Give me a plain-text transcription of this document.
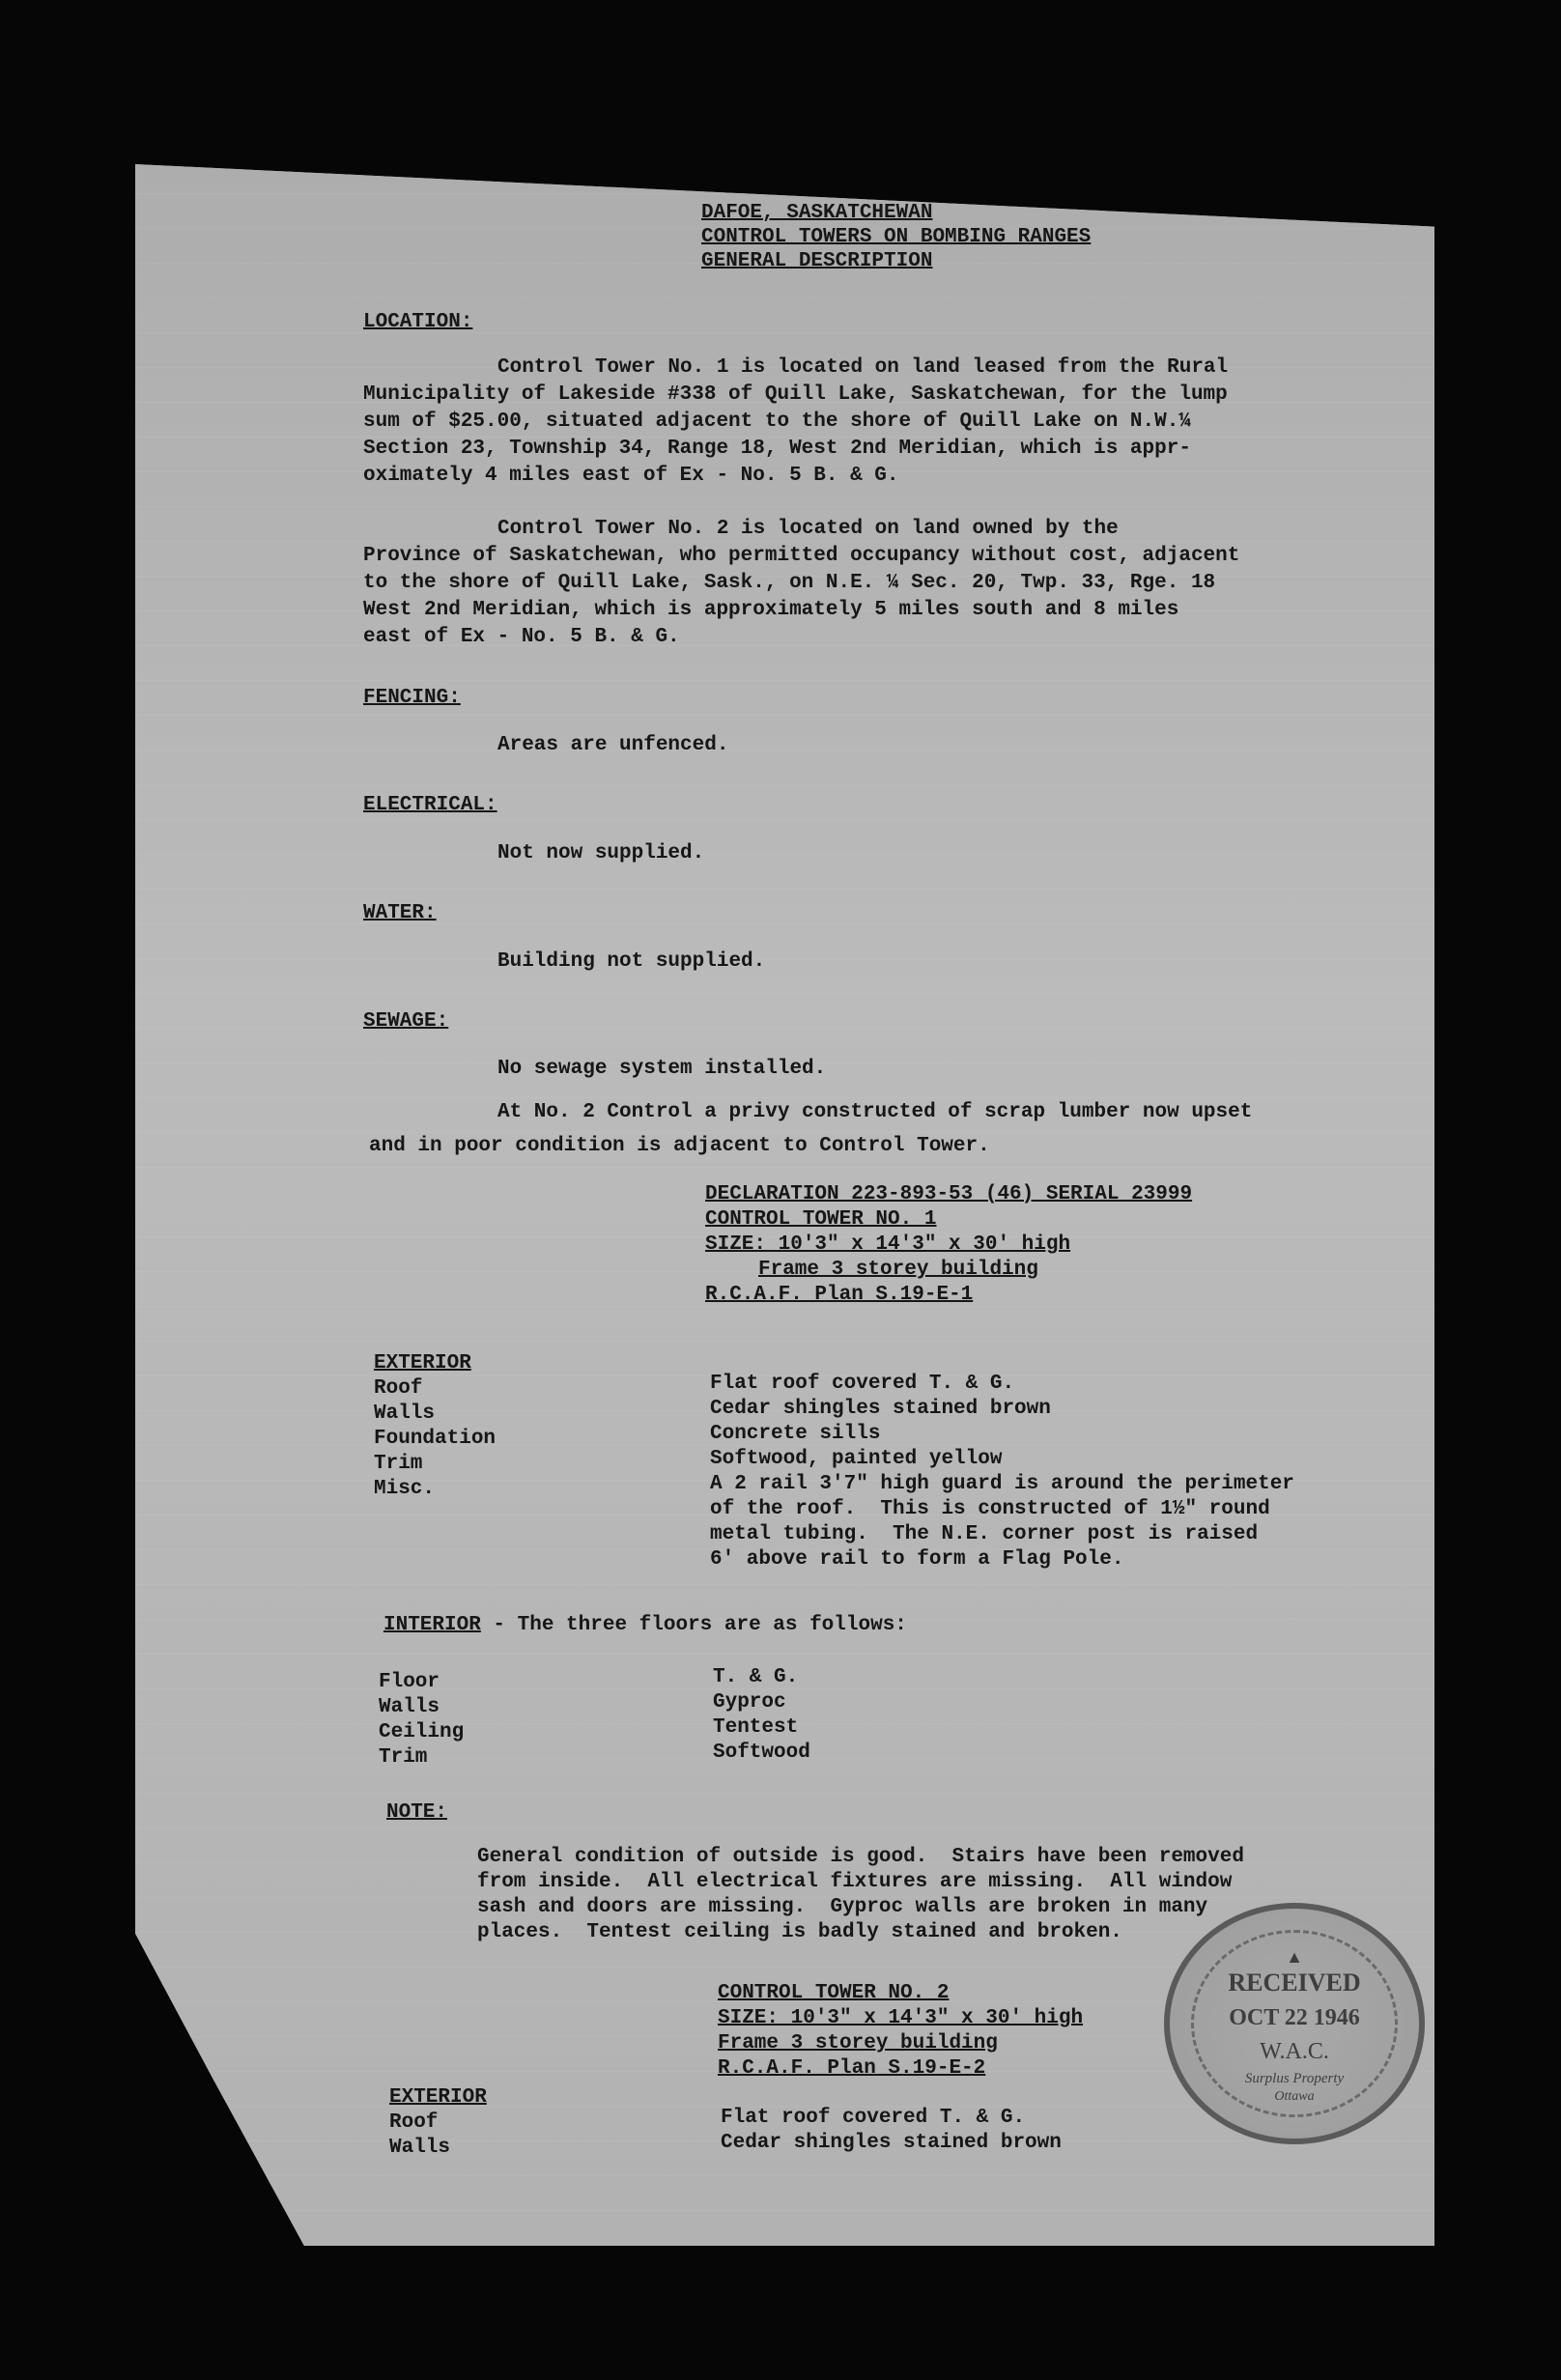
DAFOE, SASKATCHEWAN
CONTROL TOWERS ON BOMBING RANGES
GENERAL DESCRIPTION
LOCATION:
Control Tower No. 1 is located on land leased from the Rural
Municipality of Lakeside #338 of Quill Lake, Saskatchewan, for the lump
sum of $25.00, situated adjacent to the shore of Quill Lake on N.W.¼
Section 23, Township 34, Range 18, West 2nd Meridian, which is appr-
oximately 4 miles east of Ex - No. 5 B. & G.
Control Tower No. 2 is located on land owned by the
Province of Saskatchewan, who permitted occupancy without cost, adjacent
to the shore of Quill Lake, Sask., on N.E. ¼ Sec. 20, Twp. 33, Rge. 18
West 2nd Meridian, which is approximately 5 miles south and 8 miles
east of Ex - No. 5 B. & G.
FENCING:
Areas are unfenced.
ELECTRICAL:
Not now supplied.
WATER:
Building not supplied.
SEWAGE:
No sewage system installed.
At No. 2 Control a privy constructed of scrap lumber now upset
and in poor condition is adjacent to Control Tower.
DECLARATION 223-893-53 (46) SERIAL 23999
CONTROL TOWER NO. 1
SIZE: 10'3" x 14'3" x 30' high
Frame 3 storey building
R.C.A.F. Plan S.19-E-1
EXTERIOR
Roof
Walls
Foundation
Trim
Misc.
Flat roof covered T. & G.
Cedar shingles stained brown
Concrete sills
Softwood, painted yellow
A 2 rail 3'7" high guard is around the perimeter
of the roof.  This is constructed of 1½" round
metal tubing.  The N.E. corner post is raised
6' above rail to form a Flag Pole.
INTERIOR - The three floors are as follows:
Floor
Walls
Ceiling
Trim
T. & G.
Gyproc
Tentest
Softwood
NOTE:
General condition of outside is good.  Stairs have been removed
from inside.  All electrical fixtures are missing.  All window
sash and doors are missing.  Gyproc walls are broken in many
places.  Tentest ceiling is badly stained and broken.
CONTROL TOWER NO. 2
SIZE: 10'3" x 14'3" x 30' high
Frame 3 storey building
R.C.A.F. Plan S.19-E-2
EXTERIOR
Roof
Walls
Flat roof covered T. & G.
Cedar shingles stained brown
▲
RECEIVED
OCT 22 1946
W.A.C.
Surplus Property
Ottawa
